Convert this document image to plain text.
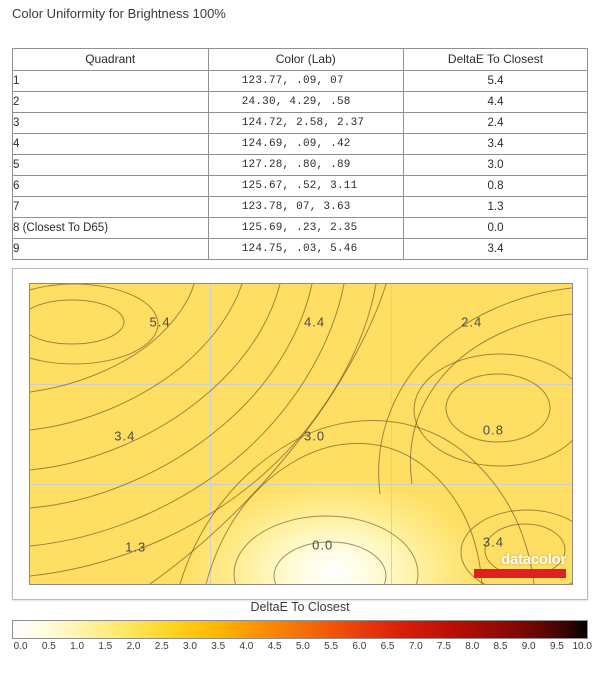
Color Uniformity for Brightness 100%
Quadrant	Color (Lab)	DeltaE To Closest
1	123.77, .09, 07	5.4
2	24.30, 4.29, .58	4.4
3	124.72, 2.58, 2.37	2.4
4	124.69, .09, .42	3.4
5	127.28, .80, .89	3.0
6	125.67, .52, 3.11	0.8
7	123.78, 07, 3.63	1.3
8 (Closest To D65)	125.69, .23, 2.35	0.0
9	124.75, .03, 5.46	3.4
5.4	4.4	2.4
3.4	3.0	0.8
1.3	0.0	3.4
datacolor
DeltaE To Closest
0.0 0.5 1.0 1.5 2.0 2.5 3.0 3.5 4.0 4.5 5.0 5.5 6.0 6.5 7.0 7.5 8.0 8.5 9.0 9.5 10.0
